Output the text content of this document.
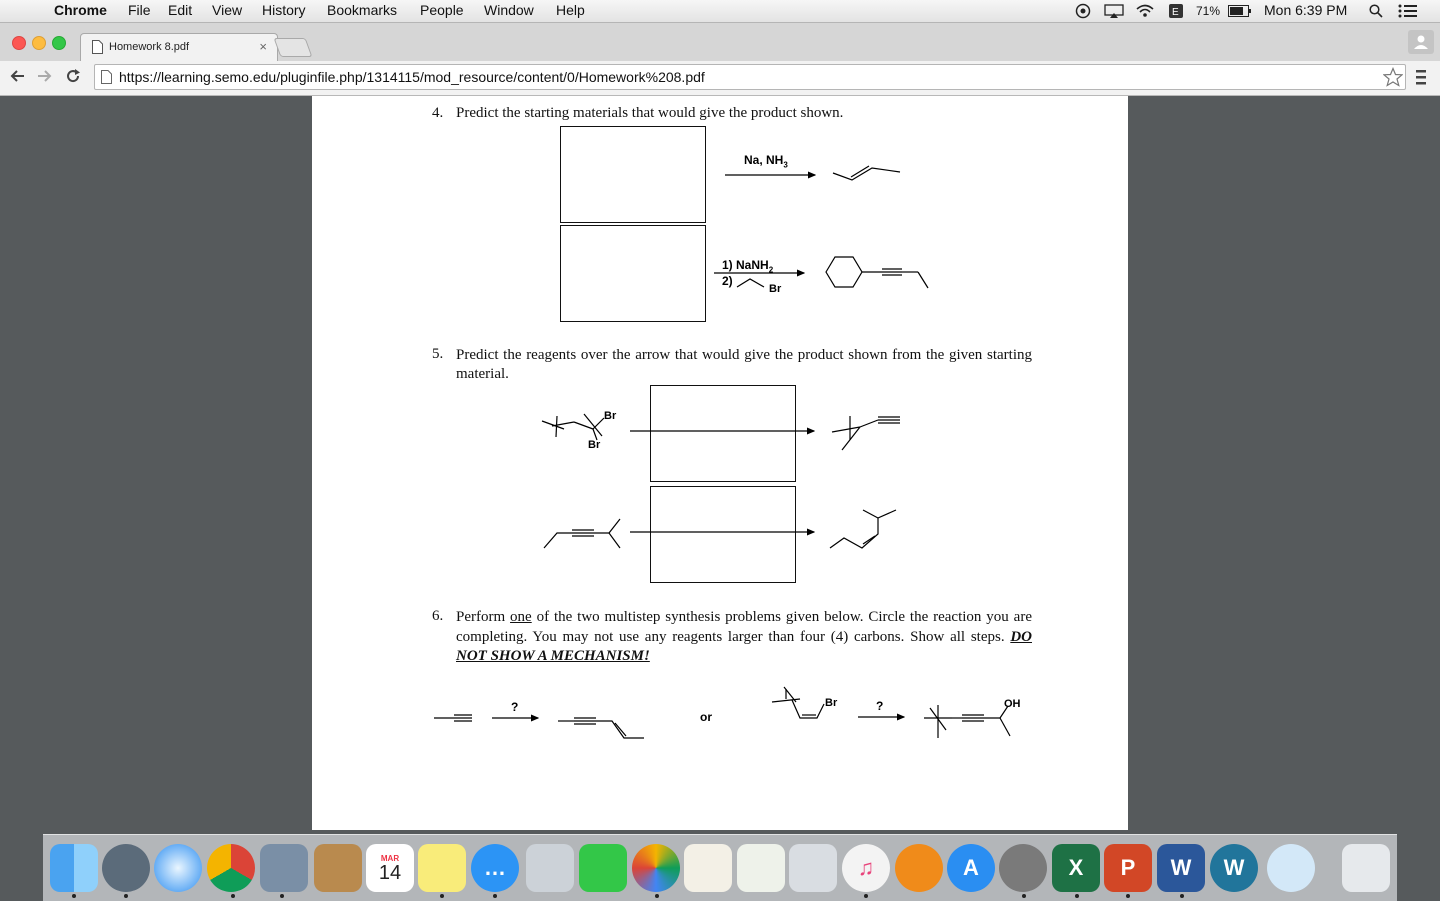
Chrome File Edit View History Bookmarks People Window Help	E 71%	Mon 6:39 PM
Homework 8.pdf	×
https://learning.semo.edu/pluginfile.php/1314115/mod_resource/content/0/Homework%208.pdf
4. Predict the starting materials that would give the product shown.
Na, $NH_3$
1) NaNH$_2$
2)
Br
5. Predict the reagents over the arrow that would give the product shown from the given starting material.
Br
Br
6. Perform one of the two multistep synthesis problems given below. Circle the reaction you are completing. You may not use any reagents larger than four (4) carbons. Show all steps. DO NOT SHOW A MECHANISM!
?
or
Br	?	OH
MAR
14	…	♫	A	X	P	W	W
